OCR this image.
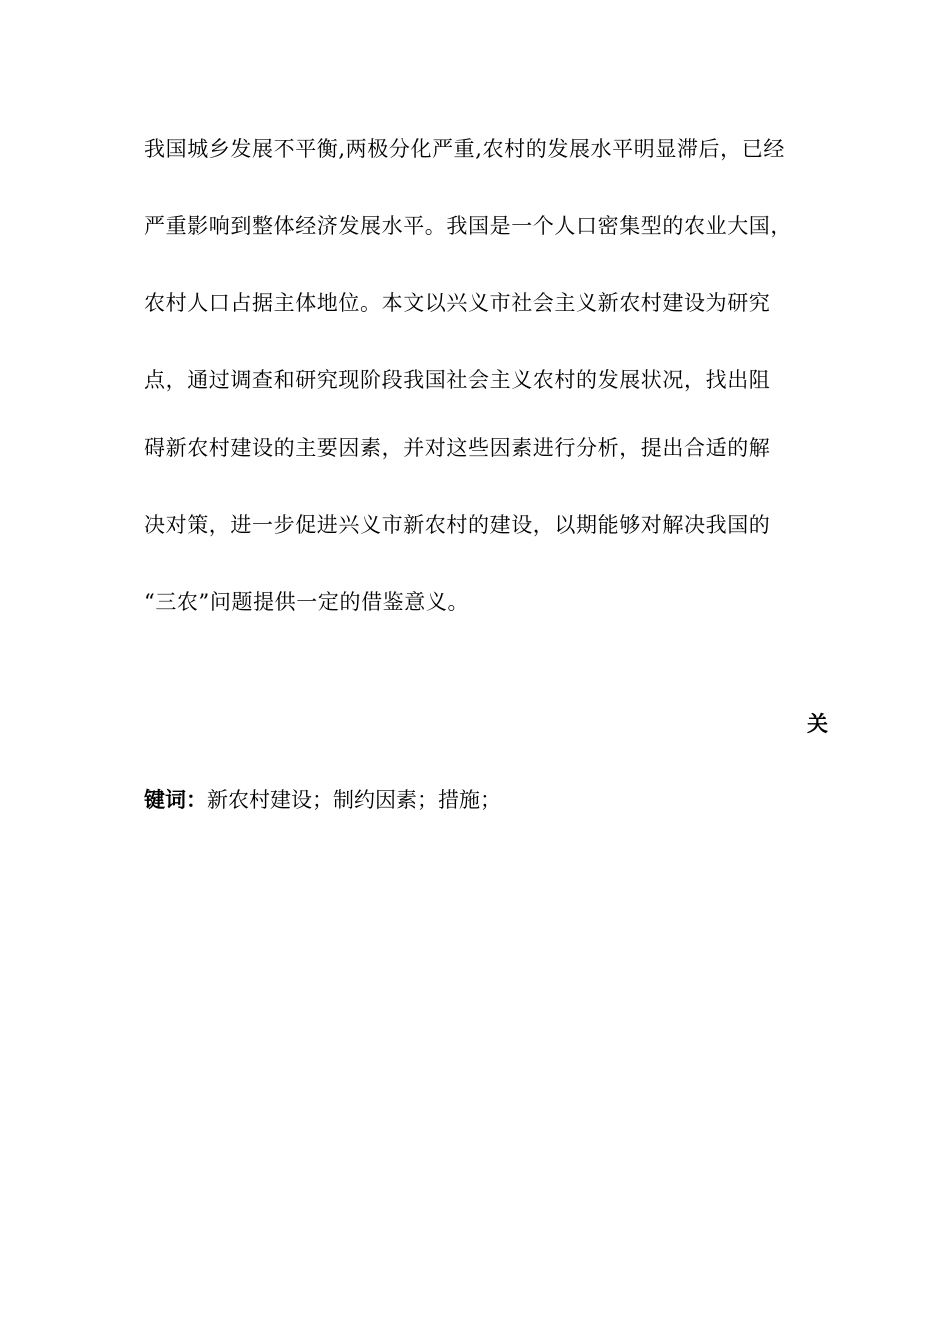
我国城乡发展不平衡,两极分化严重,农村的发展水平明显滞后，已经
严重影响到整体经济发展水平。我国是一个人口密集型的农业大国，
农村人口占据主体地位。本文以兴义市社会主义新农村建设为研究
点，通过调查和研究现阶段我国社会主义农村的发展状况，找出阻
碍新农村建设的主要因素，并对这些因素进行分析，提出合适的解
决对策，进一步促进兴义市新农村的建设，以期能够对解决我国的
“三农”问题提供一定的借鉴意义。
关
键词：新农村建设；制约因素；措施；
